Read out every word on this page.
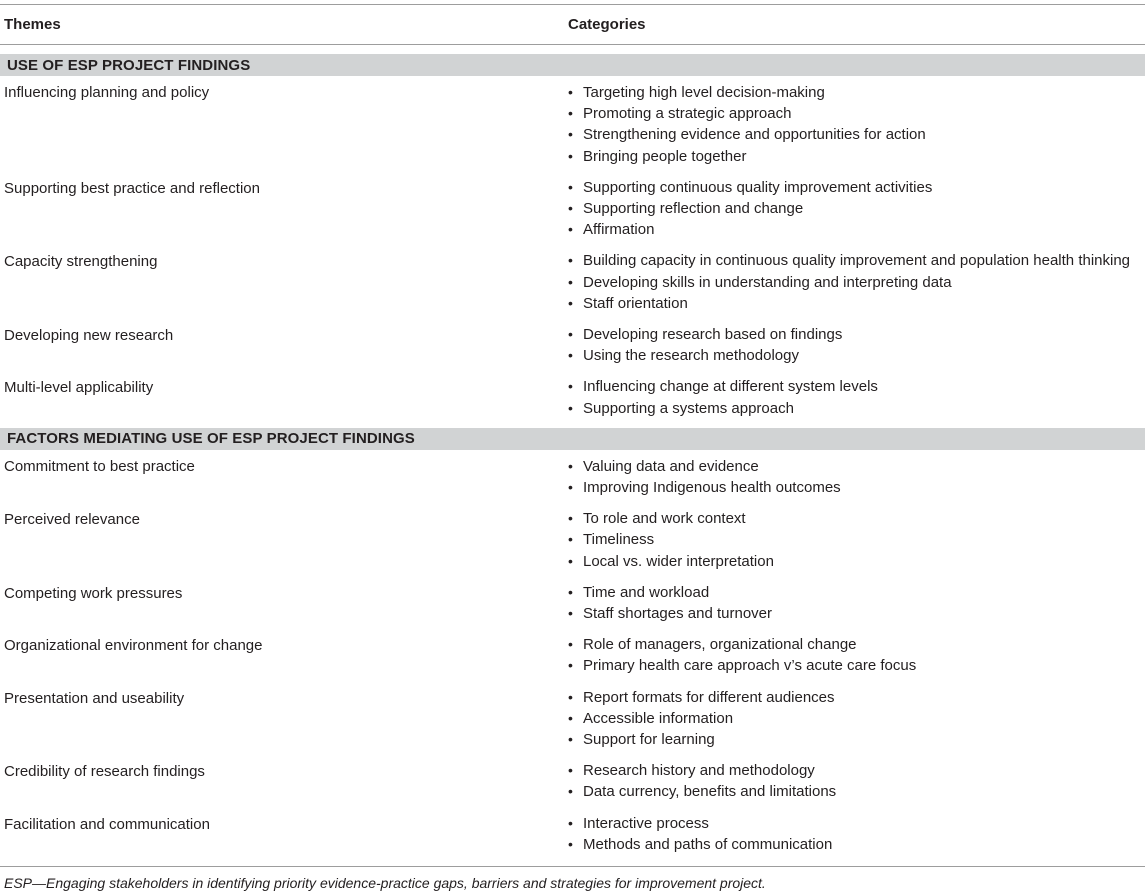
Themes	Categories
USE OF ESP PROJECT FINDINGS
Influencing planning and policy	• Targeting high level decision-making
• Promoting a strategic approach
• Strengthening evidence and opportunities for action
• Bringing people together
Supporting best practice and reflection	• Supporting continuous quality improvement activities
• Supporting reflection and change
• Affirmation
Capacity strengthening	• Building capacity in continuous quality improvement and population health thinking
• Developing skills in understanding and interpreting data
• Staff orientation
Developing new research	• Developing research based on findings
• Using the research methodology
Multi-level applicability	• Influencing change at different system levels
• Supporting a systems approach
FACTORS MEDIATING USE OF ESP PROJECT FINDINGS
Commitment to best practice	• Valuing data and evidence
• Improving Indigenous health outcomes
Perceived relevance	• To role and work context
• Timeliness
• Local vs. wider interpretation
Competing work pressures	• Time and workload
• Staff shortages and turnover
Organizational environment for change	• Role of managers, organizational change
• Primary health care approach v’s acute care focus
Presentation and useability	• Report formats for different audiences
• Accessible information
• Support for learning
Credibility of research findings	• Research history and methodology
• Data currency, benefits and limitations
Facilitation and communication	• Interactive process
• Methods and paths of communication
ESP—Engaging stakeholders in identifying priority evidence-practice gaps, barriers and strategies for improvement project.
